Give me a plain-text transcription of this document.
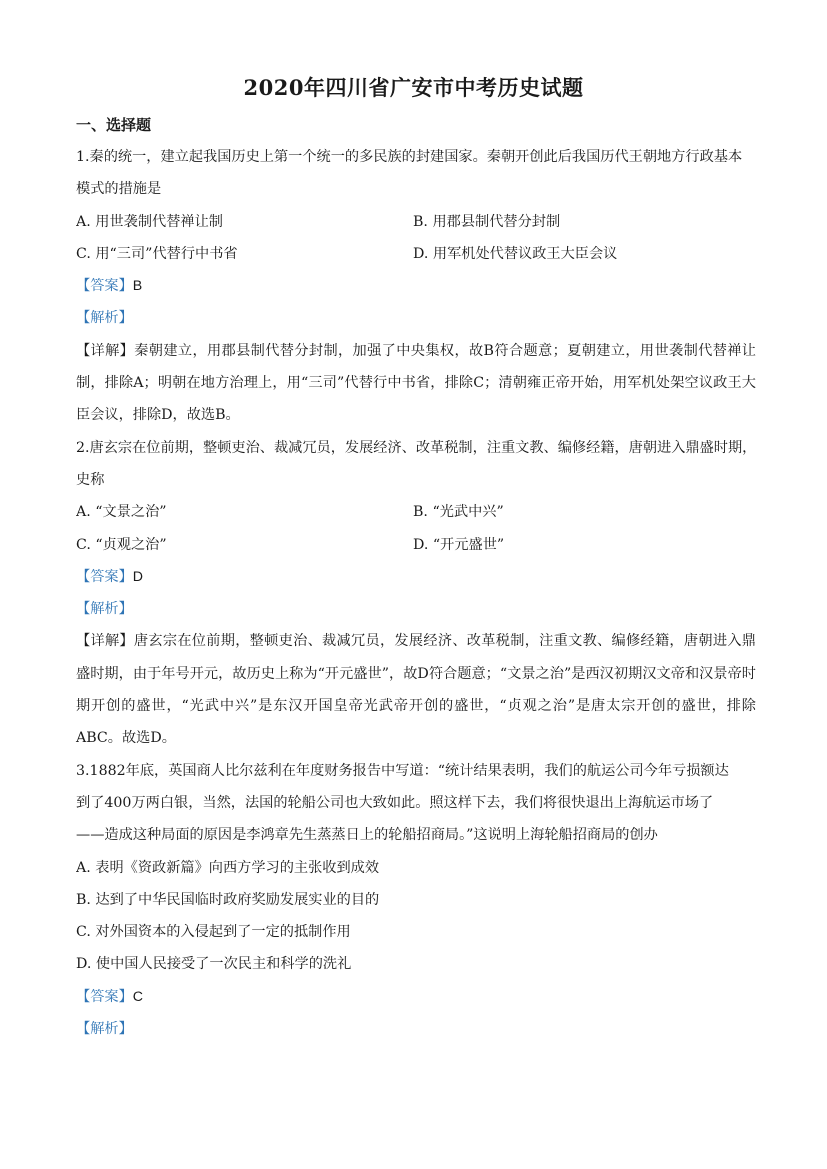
2020年四川省广安市中考历史试题
一、选择题
1.秦的统一，建立起我国历史上第一个统一的多民族的封建国家。秦朝开创此后我国历代王朝地方行政基本
模式的措施是
A. 用世袭制代替禅让制	B. 用郡县制代替分封制
C. 用“三司”代替行中书省	D. 用军机处代替议政王大臣会议
【答案】B
【解析】
【详解】秦朝建立，用郡县制代替分封制，加强了中央集权，故B符合题意；夏朝建立，用世袭制代替禅让制，排除A；明朝在地方治理上，用“三司”代替行中书省，排除C；清朝雍正帝开始，用军机处架空议政王大臣会议，排除D，故选B。
2.唐玄宗在位前期，整顿吏治、裁减冗员，发展经济、改革税制，注重文教、编修经籍，唐朝进入鼎盛时期，
史称
A. “文景之治”	B. “光武中兴”
C. “贞观之治”	D. “开元盛世”
【答案】D
【解析】
【详解】唐玄宗在位前期，整顿吏治、裁减冗员，发展经济、改革税制，注重文教、编修经籍，唐朝进入鼎盛时期，由于年号开元，故历史上称为“开元盛世”，故D符合题意；“文景之治”是西汉初期汉文帝和汉景帝时期开创的盛世，“光武中兴”是东汉开国皇帝光武帝开创的盛世，“贞观之治”是唐太宗开创的盛世，排除ABC。故选D。
3.1882年底，英国商人比尔兹利在年度财务报告中写道：“统计结果表明，我们的航运公司今年亏损额达
到了400万两白银，当然，法国的轮船公司也大致如此。照这样下去，我们将很快退出上海航运市场了
——造成这种局面的原因是李鸿章先生蒸蒸日上的轮船招商局。”这说明上海轮船招商局的创办
A. 表明《资政新篇》向西方学习的主张收到成效
B. 达到了中华民国临时政府奖励发展实业的目的
C. 对外国资本的入侵起到了一定的抵制作用
D. 使中国人民接受了一次民主和科学的洗礼
【答案】C
【解析】
